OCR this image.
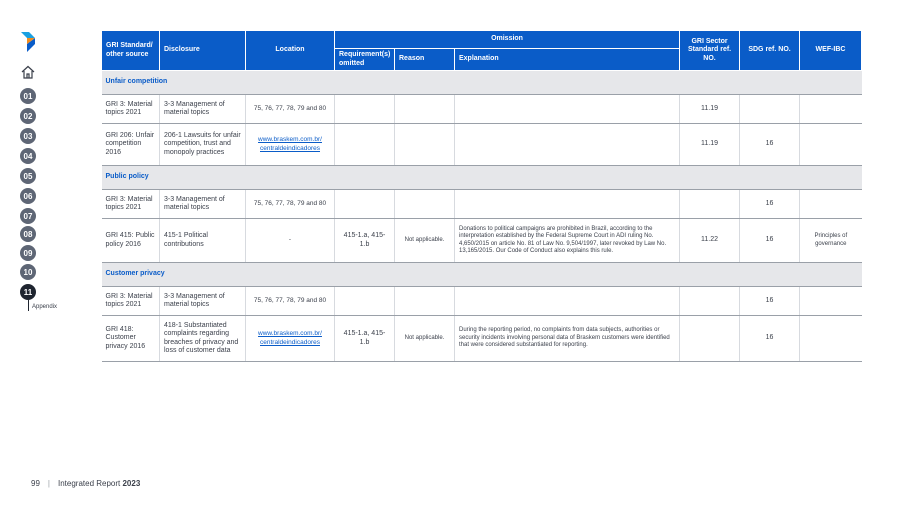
01
02
03
04
05
06
07
08
09
10
11
Appendix
GRI Standard/ other source	Disclosure	Location	Omission			GRI Sector Standard ref. NO.	SDG ref. NO.	WEF-IBC
			Requirement(s) omitted	Reason	Explanation			
Unfair competition								
GRI 3: Material topics 2021	3-3 Management of material topics	75, 76, 77, 78, 79 and 80				11.19		
GRI 206: Unfair competition 2016	206-1 Lawsuits for unfair competition, trust and monopoly practices	www.braskem.com.br/ centraldeindicadores				11.19	16	
Public policy								
GRI 3: Material topics 2021	3-3 Management of material topics	75, 76, 77, 78, 79 and 80					16	
GRI 415: Public policy 2016	415-1 Political contributions	-	415-1.a, 415-1.b	Not applicable.	Donations to political campaigns are prohibited in Brazil, according to the interpretation established by the Federal Supreme Court in ADI ruling No. 4,650/2015 on article No. 81 of Law No. 9,504/1997, later revoked by Law No. 13,165/2015. Our Code of Conduct also explains this rule.	11.22	16	Principles of governance
Customer privacy								
GRI 3: Material topics 2021	3-3 Management of material topics	75, 76, 77, 78, 79 and 80					16	
GRI 418: Customer privacy 2016	418-1 Substantiated complaints regarding breaches of privacy and loss of customer data	www.braskem.com.br/ centraldeindicadores	415-1.a, 415-1.b	Not applicable.	During the reporting period, no complaints from data subjects, authorities or security incidents involving personal data of Braskem customers were identified that were considered substantiated for reporting.		16	
99 | Integrated Report 2023
